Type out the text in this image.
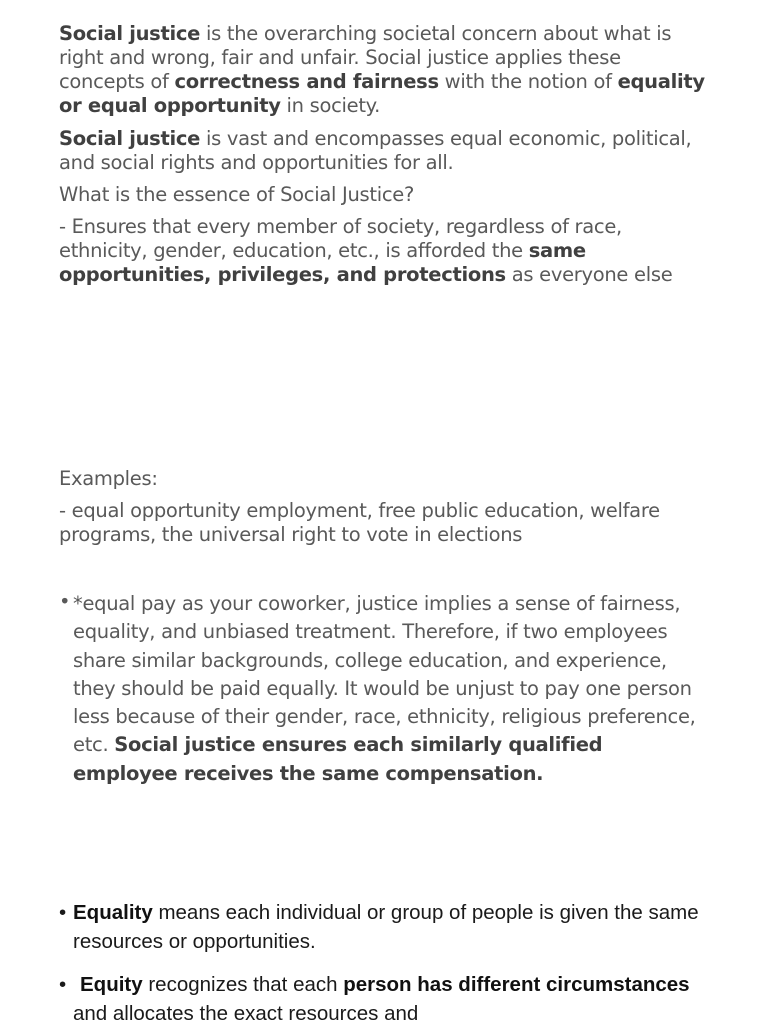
Social justice is the overarching societal concern about what is right and wrong, fair and unfair. Social justice applies these concepts of correctness and fairness with the notion of equality or equal opportunity in society.

Social justice is vast and encompasses equal economic, political, and social rights and opportunities for all.

What is the essence of Social Justice?

- Ensures that every member of society, regardless of race, ethnicity, gender, education, etc., is afforded the same opportunities, privileges, and protections as everyone else

Examples:

- equal opportunity employment, free public education, welfare programs, the universal right to vote in elections

• *equal pay as your coworker, justice implies a sense of fairness, equality, and unbiased treatment. Therefore, if two employees share similar backgrounds, college education, and experience, they should be paid equally. It would be unjust to pay one person less because of their gender, race, ethnicity, religious preference, etc. Social justice ensures each similarly qualified employee receives the same compensation.

• Equality means each individual or group of people is given the same resources or opportunities.

• Equity recognizes that each person has different circumstances and allocates the exact resources and
